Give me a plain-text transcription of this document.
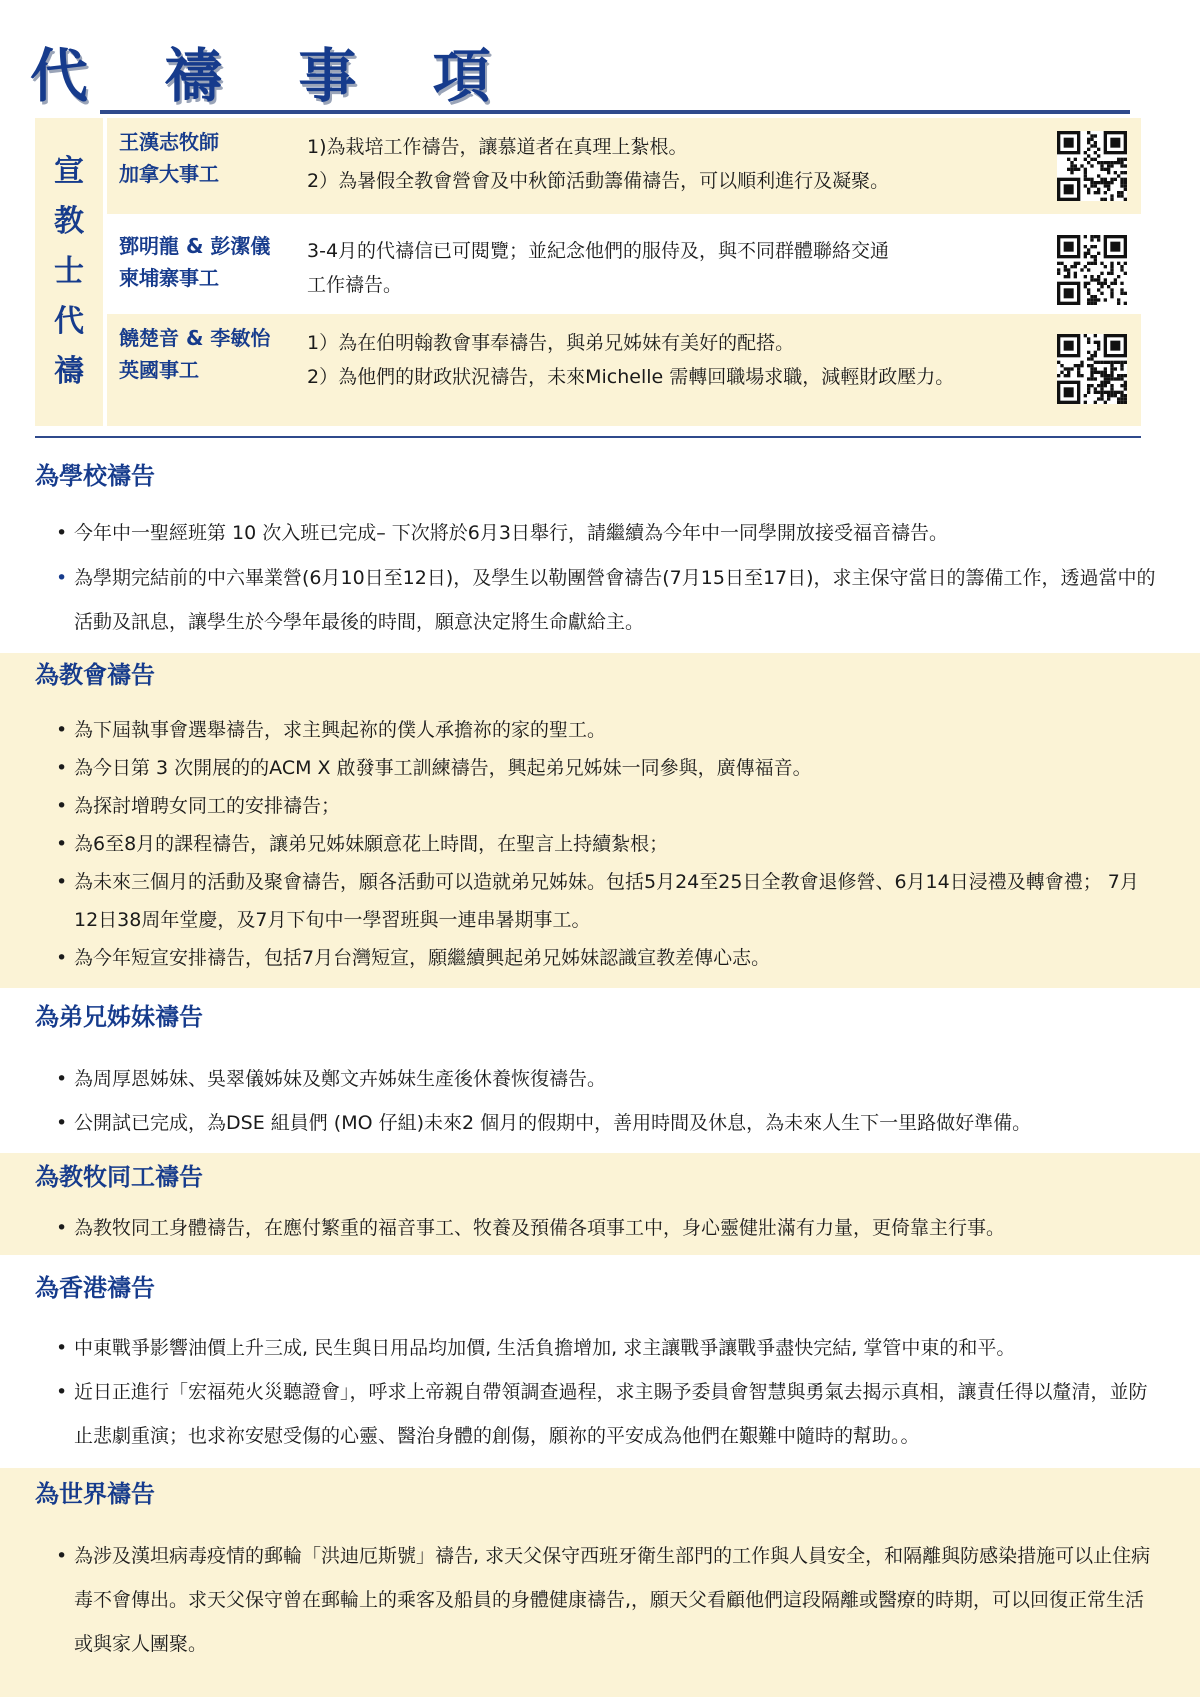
代 禱 事 項
宣
教
士
代
禱
王漢志牧師
加拿大事工
1)為栽培工作禱告，讓慕道者在真理上紮根。
2）為暑假全教會營會及中秋節活動籌備禱告，可以順利進行及凝聚。
鄧明龍 & 彭潔儀
柬埔寨事工
3-4月的代禱信已可閱覽；並紀念他們的服侍及，與不同群體聯絡交通
工作禱告。
饒楚音 & 李敏怡
英國事工
1）為在伯明翰教會事奉禱告，與弟兄姊妹有美好的配搭。
2）為他們的財政狀況禱告，未來Michelle 需轉回職場求職，減輕財政壓力。
為學校禱告
• 今年中一聖經班第 10 次入班已完成– 下次將於6月3日舉行，請繼續為今年中一同學開放接受福音禱告。
• 為學期完結前的中六畢業營(6月10日至12日)，及學生以勒團營會禱告(7月15日至17日)，求主保守當日的籌備工作，透過當中的活動及訊息，讓學生於今學年最後的時間，願意決定將生命獻給主。
為教會禱告
• 為下屆執事會選舉禱告，求主興起祢的僕人承擔祢的家的聖工。
• 為今日第 3 次開展的的ACM X 啟發事工訓練禱告，興起弟兄姊妹一同參與，廣傳福音。
• 為探討增聘女同工的安排禱告；
• 為6至8月的課程禱告，讓弟兄姊妹願意花上時間，在聖言上持續紮根；
• 為未來三個月的活動及聚會禱告，願各活動可以造就弟兄姊妹。包括5月24至25日全教會退修營、6月14日浸禮及轉會禮； 7月12日38周年堂慶，及7月下旬中一學習班與一連串暑期事工。
• 為今年短宣安排禱告，包括7月台灣短宣，願繼續興起弟兄姊妹認識宣教差傳心志。
為弟兄姊妹禱告
• 為周厚恩姊妹、吳翠儀姊妹及鄭文卉姊妹生產後休養恢復禱告。
• 公開試已完成，為DSE 組員們 (MO 仔組)未來2 個月的假期中，善用時間及休息，為未來人生下一里路做好準備。
為教牧同工禱告
• 為教牧同工身體禱告，在應付繁重的福音事工、牧養及預備各項事工中，身心靈健壯滿有力量，更倚靠主行事。
為香港禱告
• 中東戰爭影響油價上升三成, 民生與日用品均加價, 生活負擔增加, 求主讓戰爭讓戰爭盡快完結, 掌管中東的和平。
• 近日正進行「宏福苑火災聽證會」，呼求上帝親自帶領調查過程，求主賜予委員會智慧與勇氣去揭示真相，讓責任得以釐清，並防止悲劇重演；也求祢安慰受傷的心靈、醫治身體的創傷，願祢的平安成為他們在艱難中隨時的幫助。。
為世界禱告
• 為涉及漢坦病毒疫情的郵輪「洪迪厄斯號」禱告, 求天父保守西班牙衛生部門的工作與人員安全，和隔離與防感染措施可以止住病毒不會傳出。求天父保守曾在郵輪上的乘客及船員的身體健康禱告,，願天父看顧他們這段隔離或醫療的時期，可以回復正常生活或與家人團聚。
